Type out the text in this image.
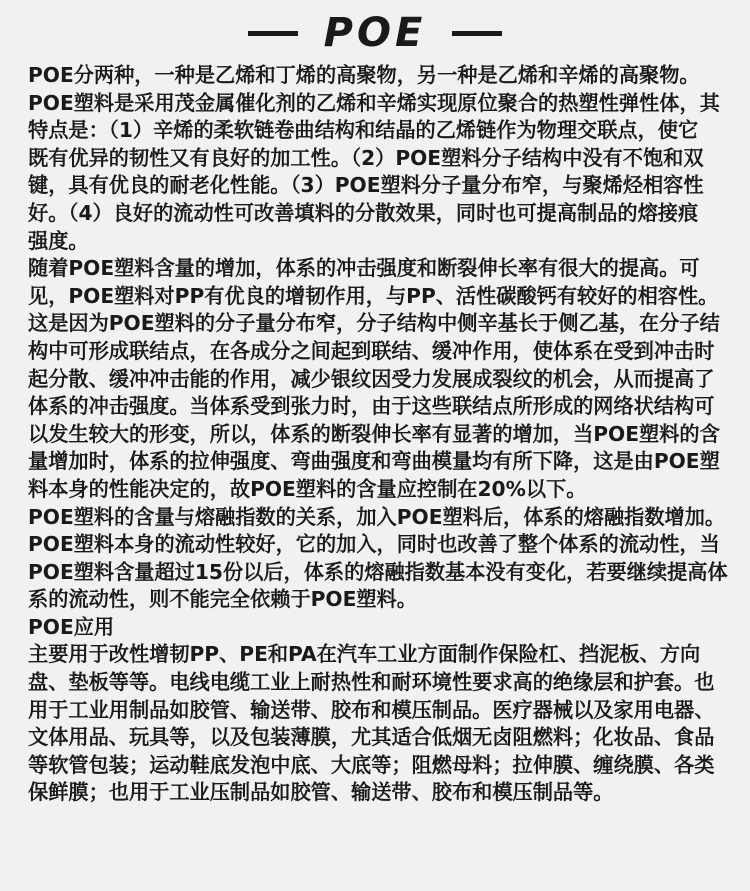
POE
POE分两种，一种是乙烯和丁烯的高聚物，另一种是乙烯和辛烯的高聚物。
POE塑料是采用茂金属催化剂的乙烯和辛烯实现原位聚合的热塑性弹性体，其
特点是：（1）辛烯的柔软链卷曲结构和结晶的乙烯链作为物理交联点，使它
既有优异的韧性又有良好的加工性。（2）POE塑料分子结构中没有不饱和双
键，具有优良的耐老化性能。（3）POE塑料分子量分布窄，与聚烯烃相容性
好。（4）良好的流动性可改善填料的分散效果，同时也可提高制品的熔接痕
强度。
随着POE塑料含量的增加，体系的冲击强度和断裂伸长率有很大的提高。可
见，POE塑料对PP有优良的增韧作用，与PP、活性碳酸钙有较好的相容性。
这是因为POE塑料的分子量分布窄，分子结构中侧辛基长于侧乙基，在分子结
构中可形成联结点，在各成分之间起到联结、缓冲作用，使体系在受到冲击时
起分散、缓冲冲击能的作用，减少银纹因受力发展成裂纹的机会，从而提高了
体系的冲击强度。当体系受到张力时，由于这些联结点所形成的网络状结构可
以发生较大的形变，所以，体系的断裂伸长率有显著的增加，当POE塑料的含
量增加时，体系的拉伸强度、弯曲强度和弯曲模量均有所下降，这是由POE塑
料本身的性能决定的，故POE塑料的含量应控制在20%以下。
POE塑料的含量与熔融指数的关系，加入POE塑料后，体系的熔融指数增加。
POE塑料本身的流动性较好，它的加入，同时也改善了整个体系的流动性，当
POE塑料含量超过15份以后，体系的熔融指数基本没有变化，若要继续提高体
系的流动性，则不能完全依赖于POE塑料。
POE应用
主要用于改性增韧PP、PE和PA在汽车工业方面制作保险杠、挡泥板、方向
盘、垫板等等。电线电缆工业上耐热性和耐环境性要求高的绝缘层和护套。也
用于工业用制品如胶管、输送带、胶布和模压制品。医疗器械以及家用电器、
文体用品、玩具等，以及包装薄膜，尤其适合低烟无卤阻燃料；化妆品、食品
等软管包装；运动鞋底发泡中底、大底等；阻燃母料；拉伸膜、缠绕膜、各类
保鲜膜；也用于工业压制品如胶管、输送带、胶布和模压制品等。
